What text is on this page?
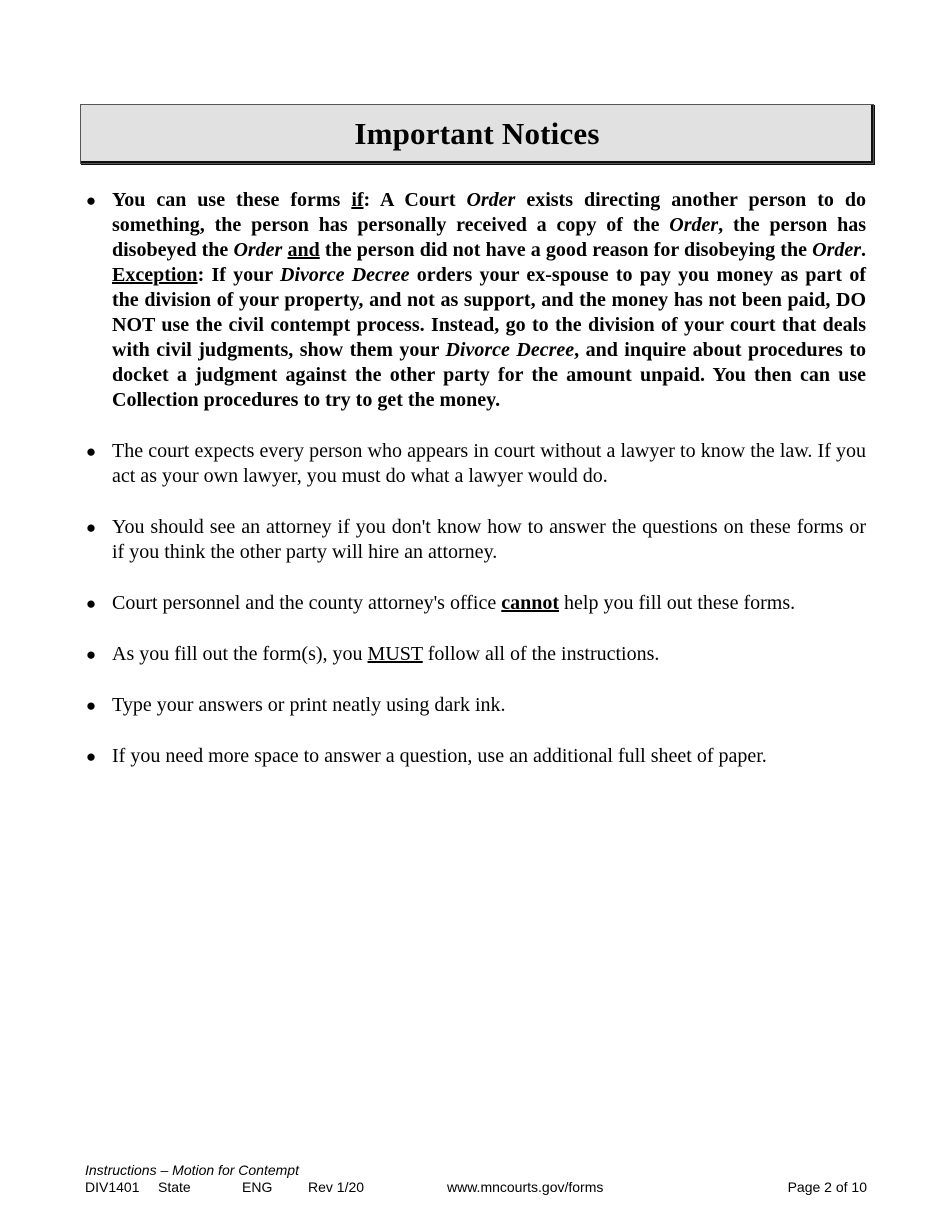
Important Notices
● You can use these forms if: A Court Order exists directing another person to do something, the person has personally received a copy of the Order, the person has disobeyed the Order and the person did not have a good reason for disobeying the Order. Exception: If your Divorce Decree orders your ex-spouse to pay you money as part of the division of your property, and not as support, and the money has not been paid, DO NOT use the civil contempt process. Instead, go to the division of your court that deals with civil judgments, show them your Divorce Decree, and inquire about procedures to docket a judgment against the other party for the amount unpaid. You then can use Collection procedures to try to get the money.
● The court expects every person who appears in court without a lawyer to know the law. If you act as your own lawyer, you must do what a lawyer would do.
● You should see an attorney if you don't know how to answer the questions on these forms or if you think the other party will hire an attorney.
● Court personnel and the county attorney's office cannot help you fill out these forms.
● As you fill out the form(s), you MUST follow all of the instructions.
● Type your answers or print neatly using dark ink.
● If you need more space to answer a question, use an additional full sheet of paper.
Instructions – Motion for Contempt
DIV1401 State	ENG	Rev 1/20	www.mncourts.gov/forms	Page 2 of 10
